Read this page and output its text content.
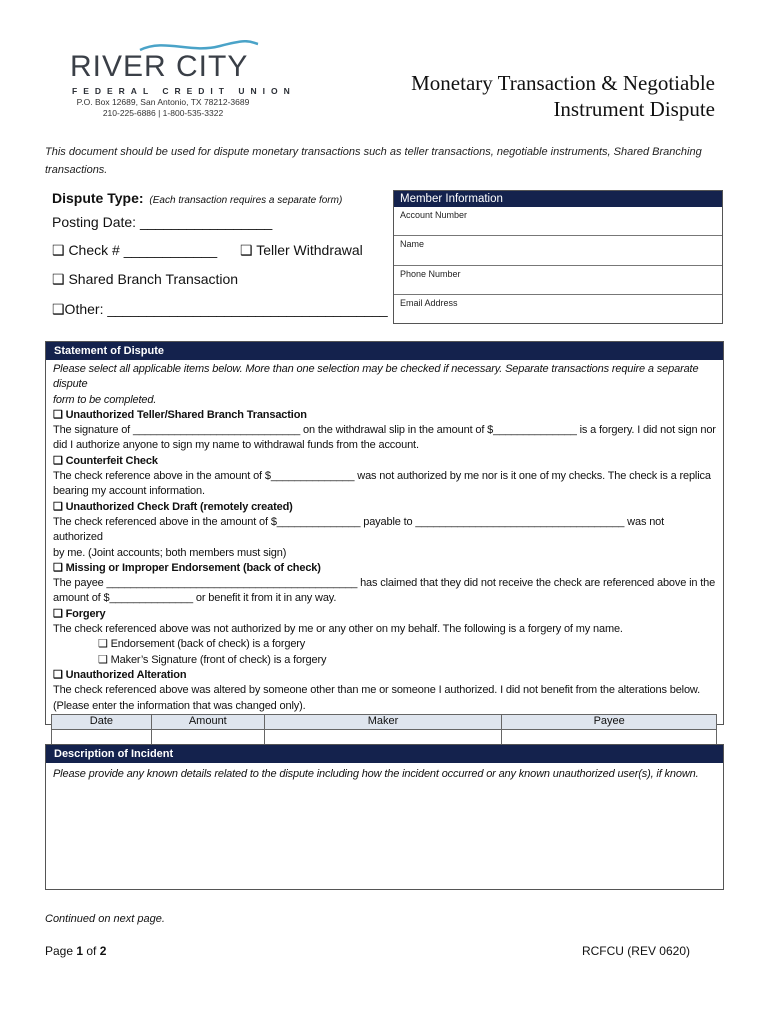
RIVER CITY
FEDERAL CREDIT UNION
P.O. Box 12689, San Antonio, TX 78212-3689
210-225-6886 | 1-800-535-3322
Monetary Transaction & Negotiable
Instrument Dispute
This document should be used for dispute monetary transactions such as teller transactions, negotiable instruments, Shared Branching transactions.
Dispute Type: (Each transaction requires a separate form)
Posting Date: _________________
❑ Check # ____________ ❑ Teller Withdrawal
❑ Shared Branch Transaction
❑Other: ____________________________________
Member Information
Account Number
Name
Phone Number
Email Address
Statement of Dispute
Please select all applicable items below. More than one selection may be checked if necessary. Separate transactions require a separate dispute
form to be completed.
❑ Unauthorized Teller/Shared Branch Transaction
The signature of ____________________________ on the withdrawal slip in the amount of $______________ is a forgery. I did not sign nor
did I authorize anyone to sign my name to withdrawal funds from the account.
❑ Counterfeit Check
The check reference above in the amount of $______________ was not authorized by me nor is it one of my checks. The check is a replica
bearing my account information.
❑ Unauthorized Check Draft (remotely created)
The check referenced above in the amount of $______________ payable to ___________________________________ was not authorized
by me. (Joint accounts; both members must sign)
❑ Missing or Improper Endorsement (back of check)
The payee __________________________________________ has claimed that they did not receive the check are referenced above in the
amount of $______________ or benefit it from it in any way.
❑ Forgery
The check referenced above was not authorized by me or any other on my behalf. The following is a forgery of my name.
❑ Endorsement (back of check) is a forgery
❑ Maker’s Signature (front of check) is a forgery
❑ Unauthorized Alteration
The check referenced above was altered by someone other than me or someone I authorized. I did not benefit from the alterations below.
(Please enter the information that was changed only).
Date	Amount	Maker	Payee

Description of Incident
Please provide any known details related to the dispute including how the incident occurred or any known unauthorized user(s), if known.
Continued on next page.
Page 1 of 2	RCFCU (REV 0620)
